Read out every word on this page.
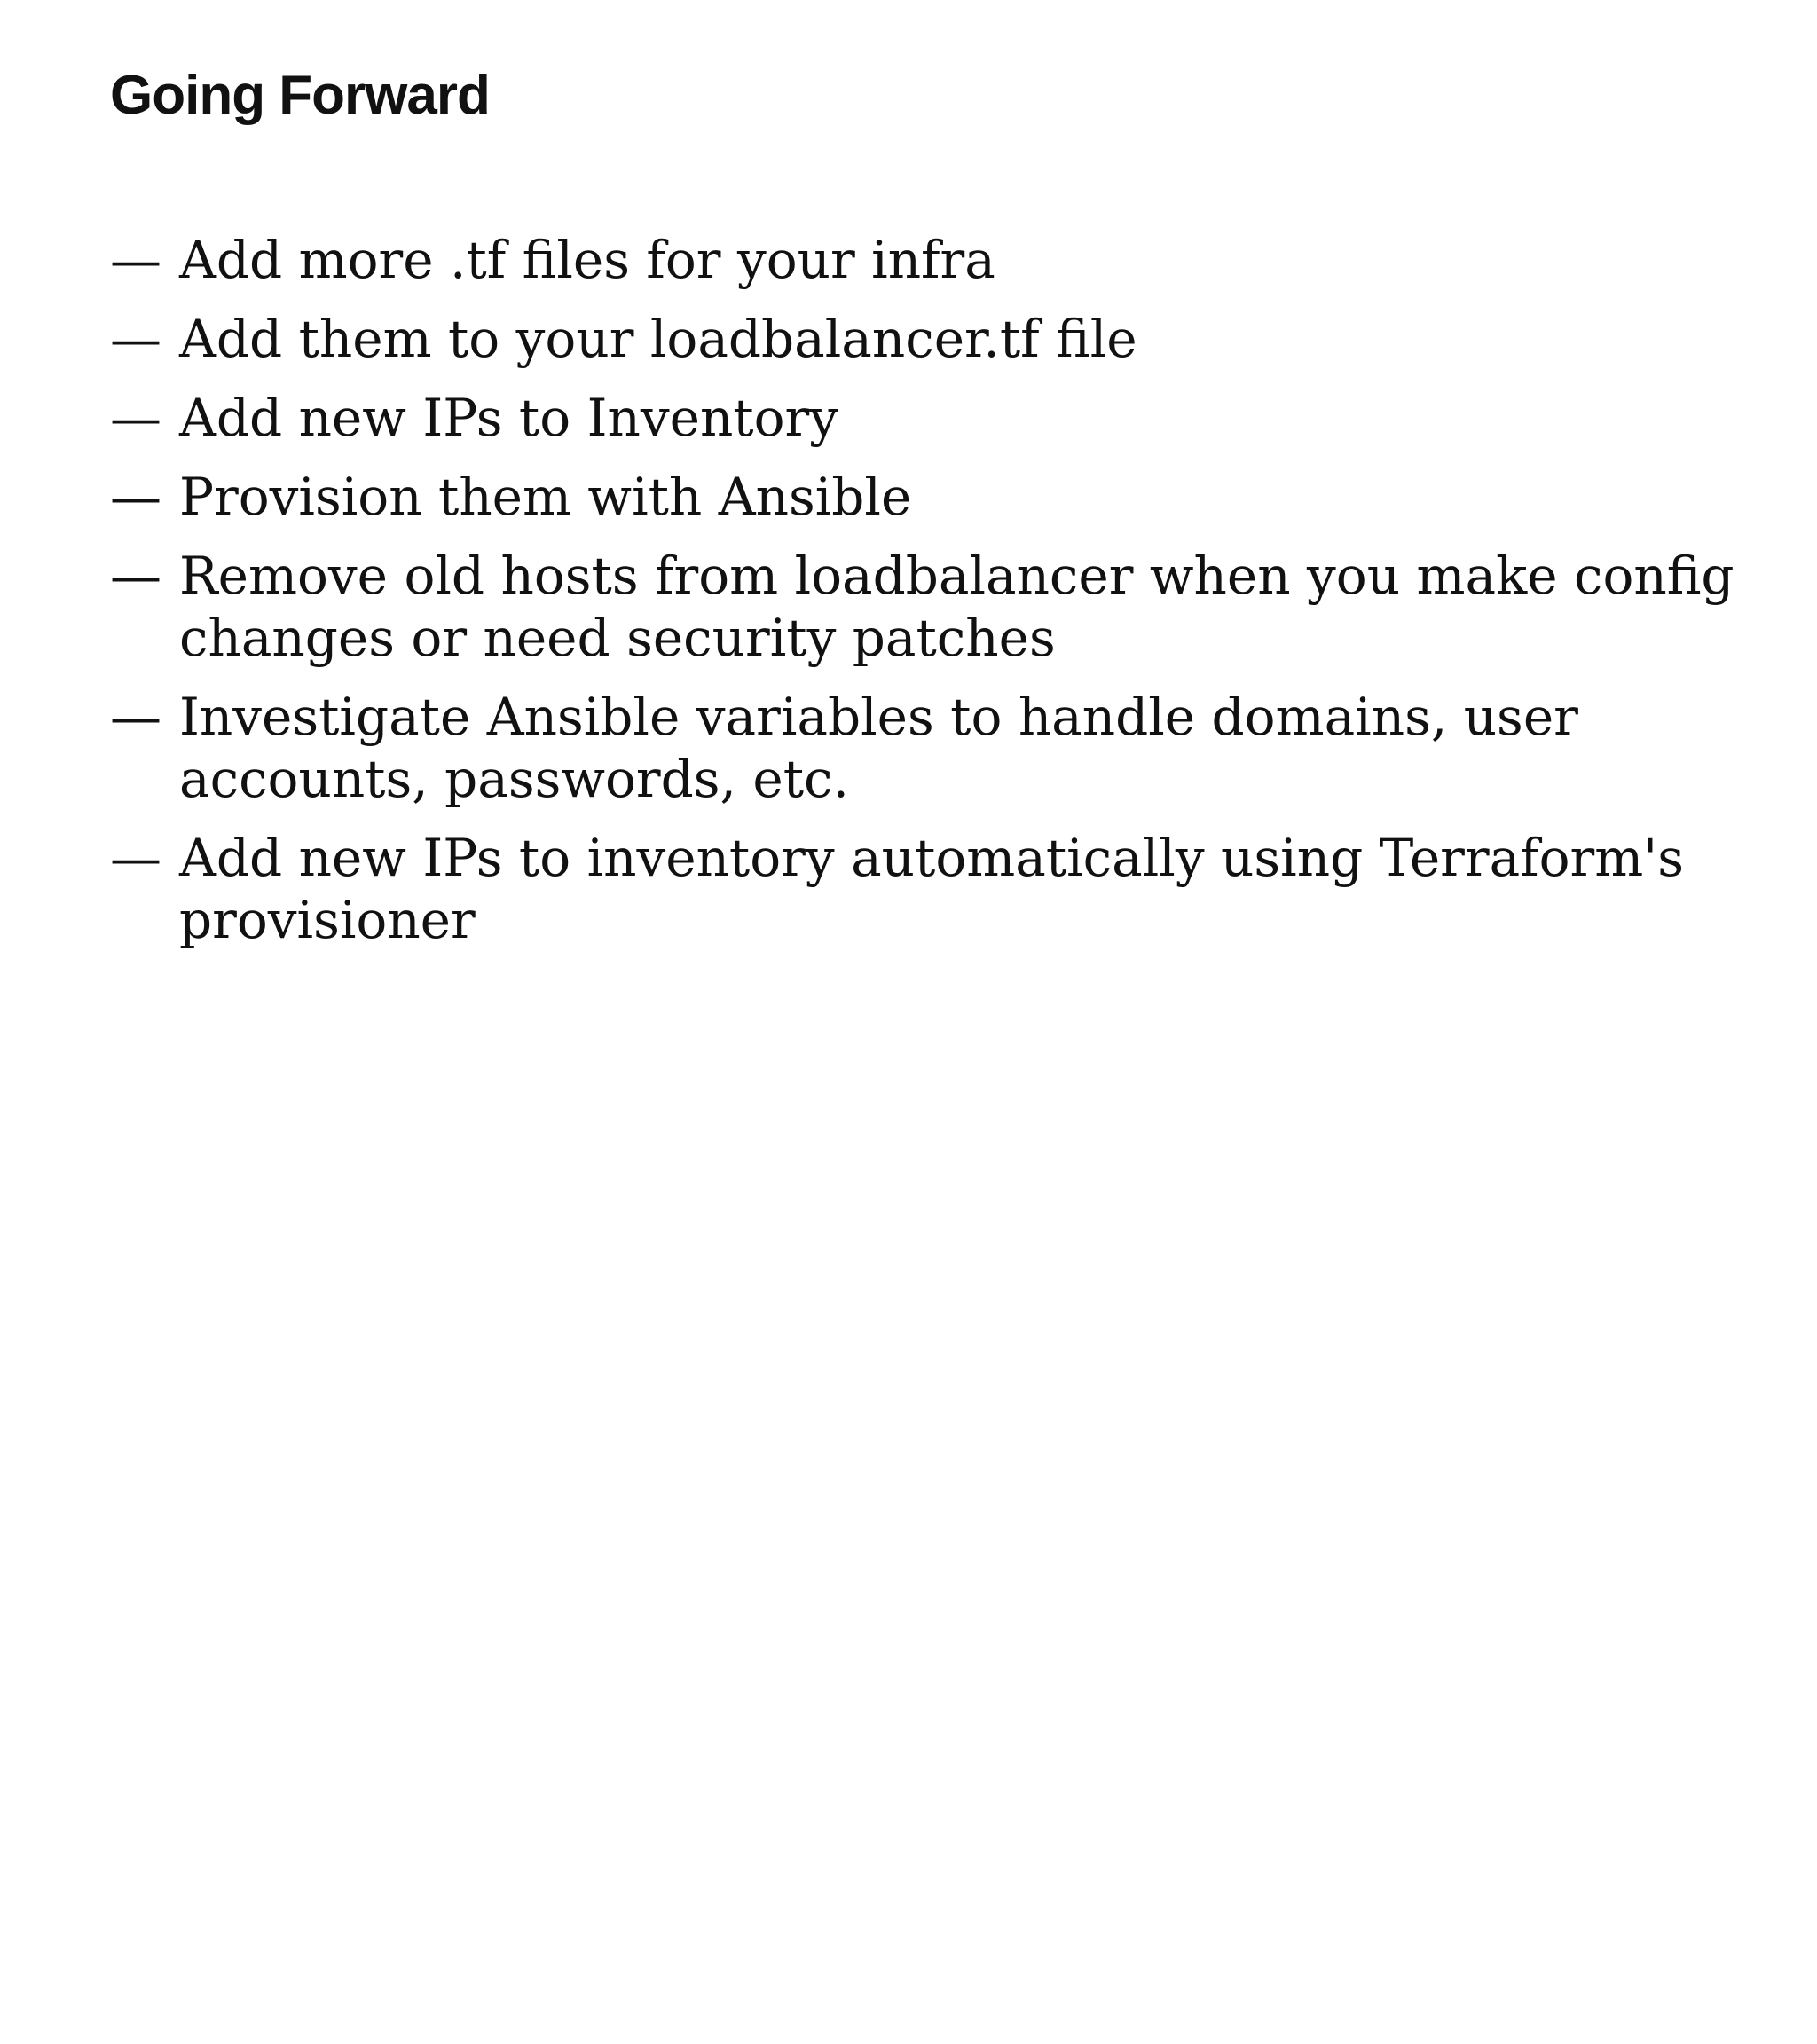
Going Forward
— Add more .tf files for your infra
— Add them to your loadbalancer.tf file
— Add new IPs to Inventory
— Provision them with Ansible
— Remove old hosts from loadbalancer when you make config changes or need security patches
— Investigate Ansible variables to handle domains, user accounts, passwords, etc.
— Add new IPs to inventory automatically using Terraform's provisioner
